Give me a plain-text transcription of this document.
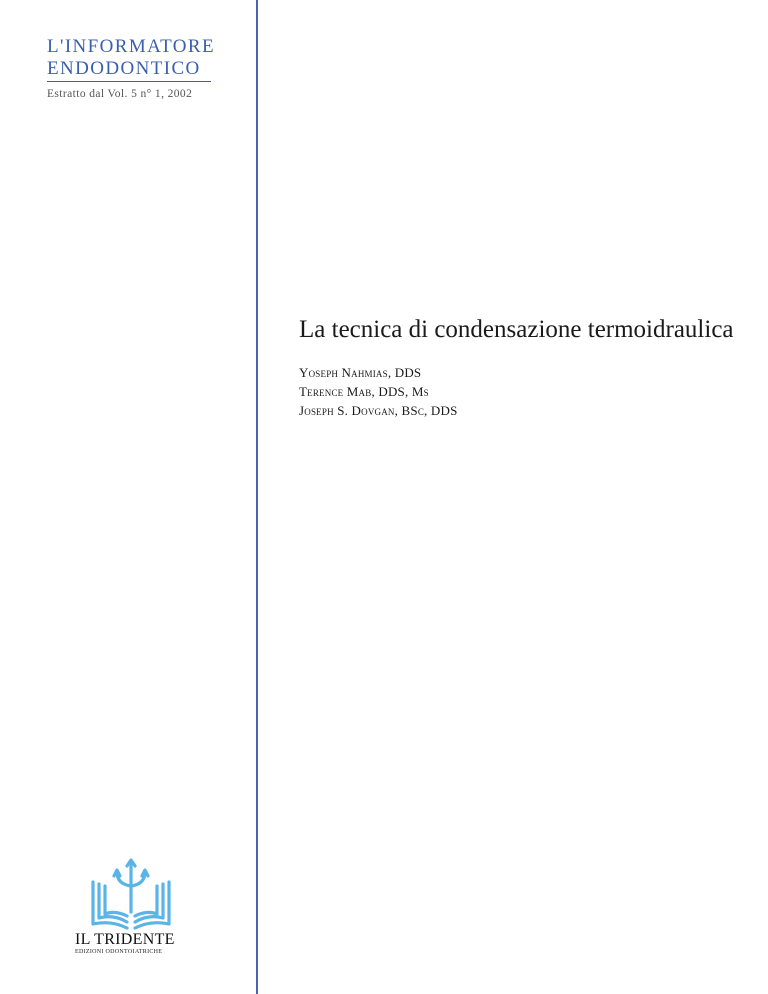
L'INFORMATORE ENDODONTICO
Estratto dal Vol. 5 n° 1, 2002
La tecnica di condensazione termoidraulica
Yoseph Nahmias, DDS
Terence Mab, DDS, Ms
Joseph S. Dovgan, BSc, DDS
IL TRIDENTE
EDIZIONI ODONTOIATRICHE
